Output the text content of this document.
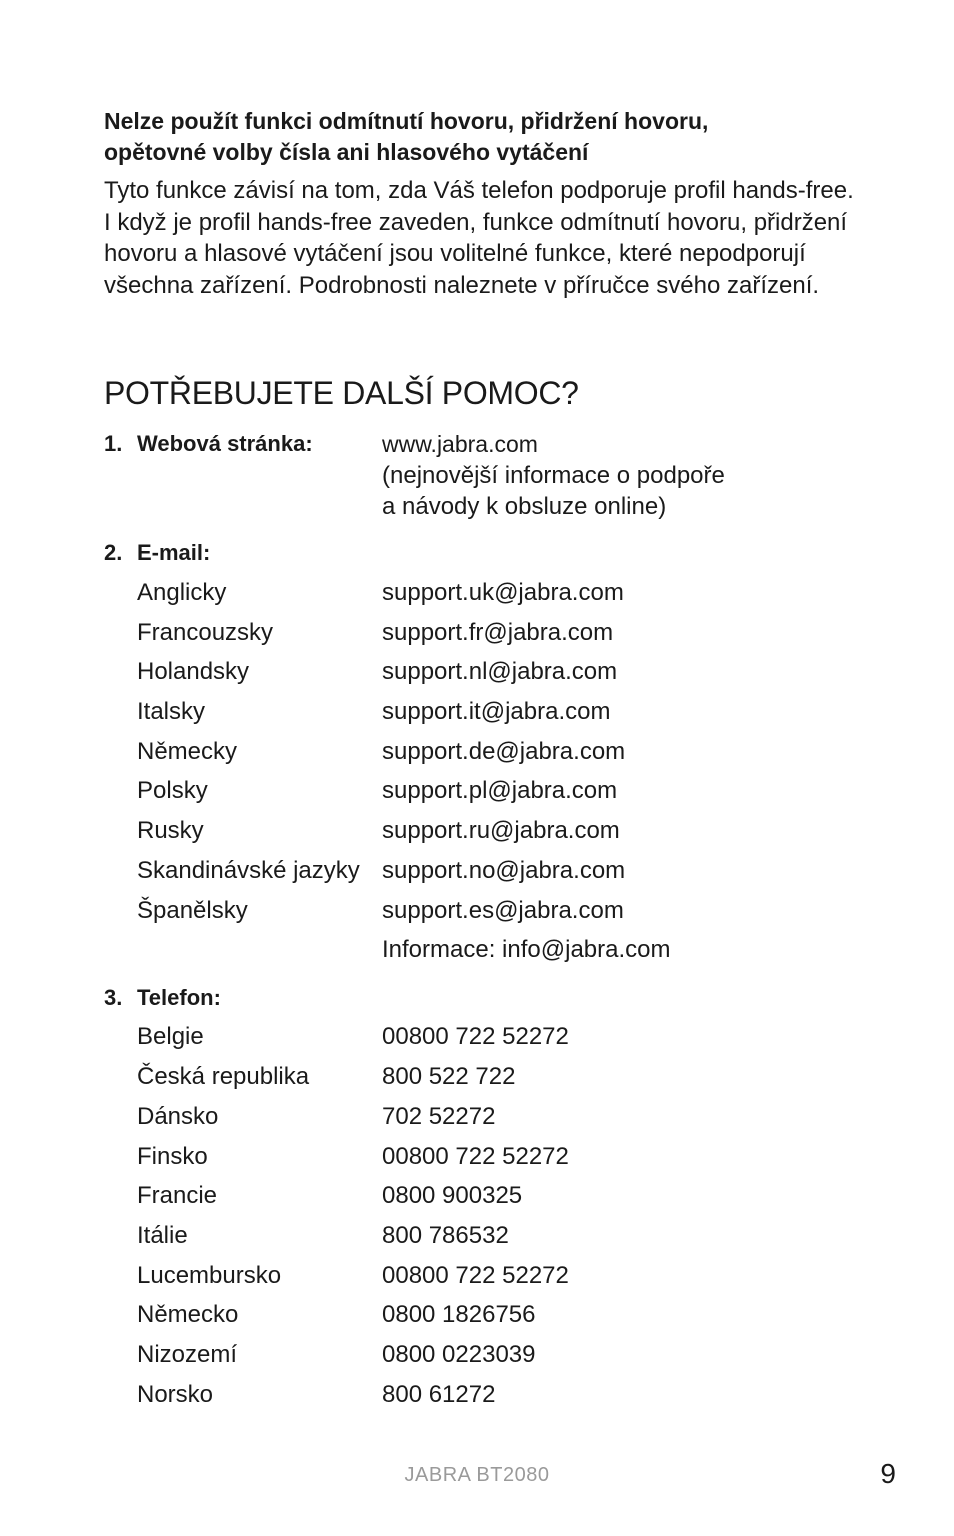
Nelze použít funkci odmítnutí hovoru, přidržení hovoru,
opětovné volby čísla ani hlasového vytáčení
Tyto funkce závisí na tom, zda Váš telefon podporuje profil hands-free. I když je profil hands-free zaveden, funkce odmítnutí hovoru, přidržení hovoru a hlasové vytáčení jsou volitelné funkce, které nepodporují všechna zařízení. Podrobnosti naleznete v příručce svého zařízení.
POTŘEBUJETE DALŠÍ POMOC?
1. Webová stránka:	www.jabra.com
(nejnovější informace o podpoře
a návody k obsluze online)
2. E-mail:
Anglicky	support.uk@jabra.com
Francouzsky	support.fr@jabra.com
Holandsky	support.nl@jabra.com
Italsky	support.it@jabra.com
Německy	support.de@jabra.com
Polsky	support.pl@jabra.com
Rusky	support.ru@jabra.com
Skandinávské jazyky support.no@jabra.com
Španělsky	support.es@jabra.com
Informace: info@jabra.com
3. Telefon:
Belgie	00800 722 52272
Česká republika	800 522 722
Dánsko	702 52272
Finsko	00800 722 52272
Francie	0800 900325
Itálie	800 786532
Lucembursko	00800 722 52272
Německo	0800 1826756
Nizozemí	0800 0223039
Norsko	800 61272
JABRA BT2080	9
